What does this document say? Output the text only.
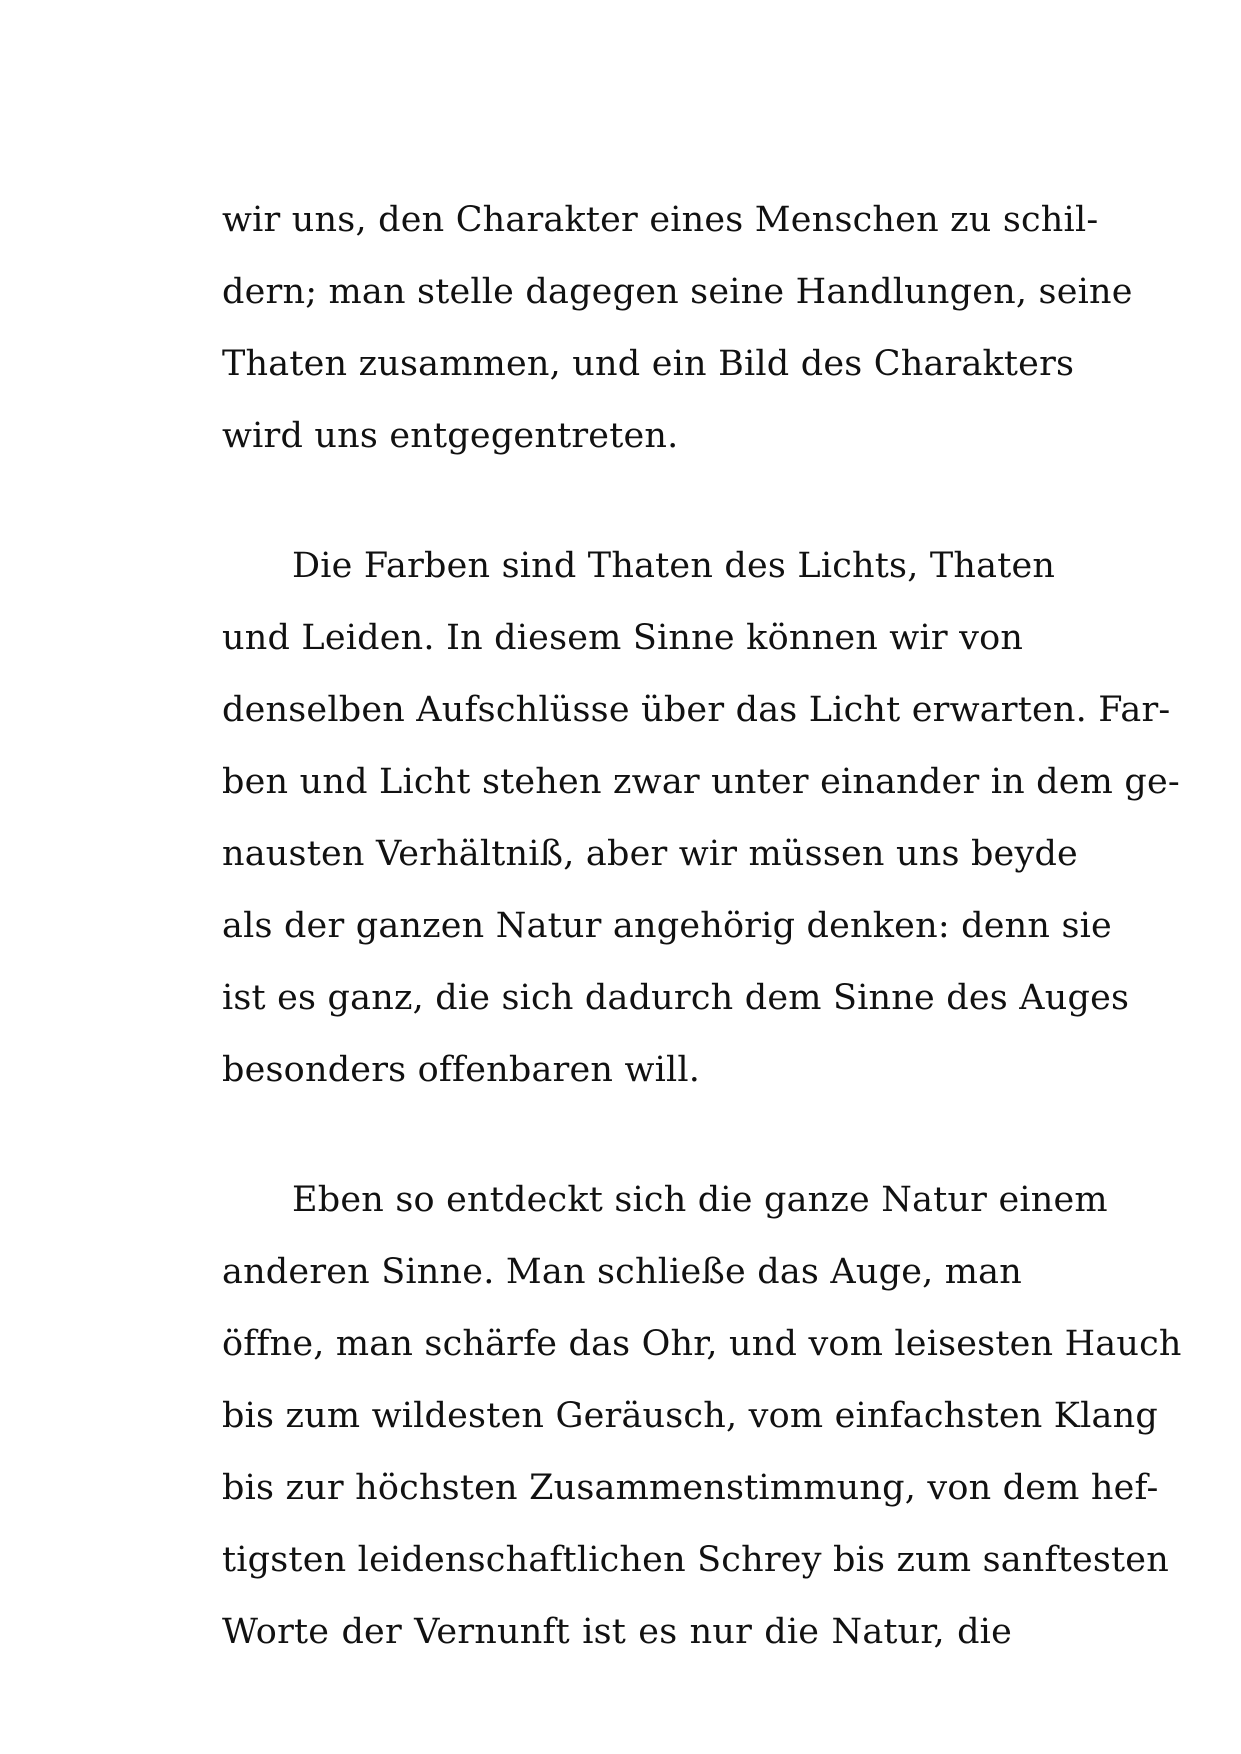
wir uns, den Charakter eines Menschen zu schil-
dern; man stelle dagegen seine Handlungen, seine
Thaten zusammen, und ein Bild des Charakters
wird uns entgegentreten.
Die Farben sind Thaten des Lichts, Thaten
und Leiden. In diesem Sinne können wir von
denselben Aufschlüsse über das Licht erwarten. Far-
ben und Licht stehen zwar unter einander in dem ge-
nausten Verhältniß, aber wir müssen uns beyde
als der ganzen Natur angehörig denken: denn sie
ist es ganz, die sich dadurch dem Sinne des Auges
besonders offenbaren will.
Eben so entdeckt sich die ganze Natur einem
anderen Sinne. Man schließe das Auge, man
öffne, man schärfe das Ohr, und vom leisesten Hauch
bis zum wildesten Geräusch, vom einfachsten Klang
bis zur höchsten Zusammenstimmung, von dem hef-
tigsten leidenschaftlichen Schrey bis zum sanftesten
Worte der Vernunft ist es nur die Natur, die
